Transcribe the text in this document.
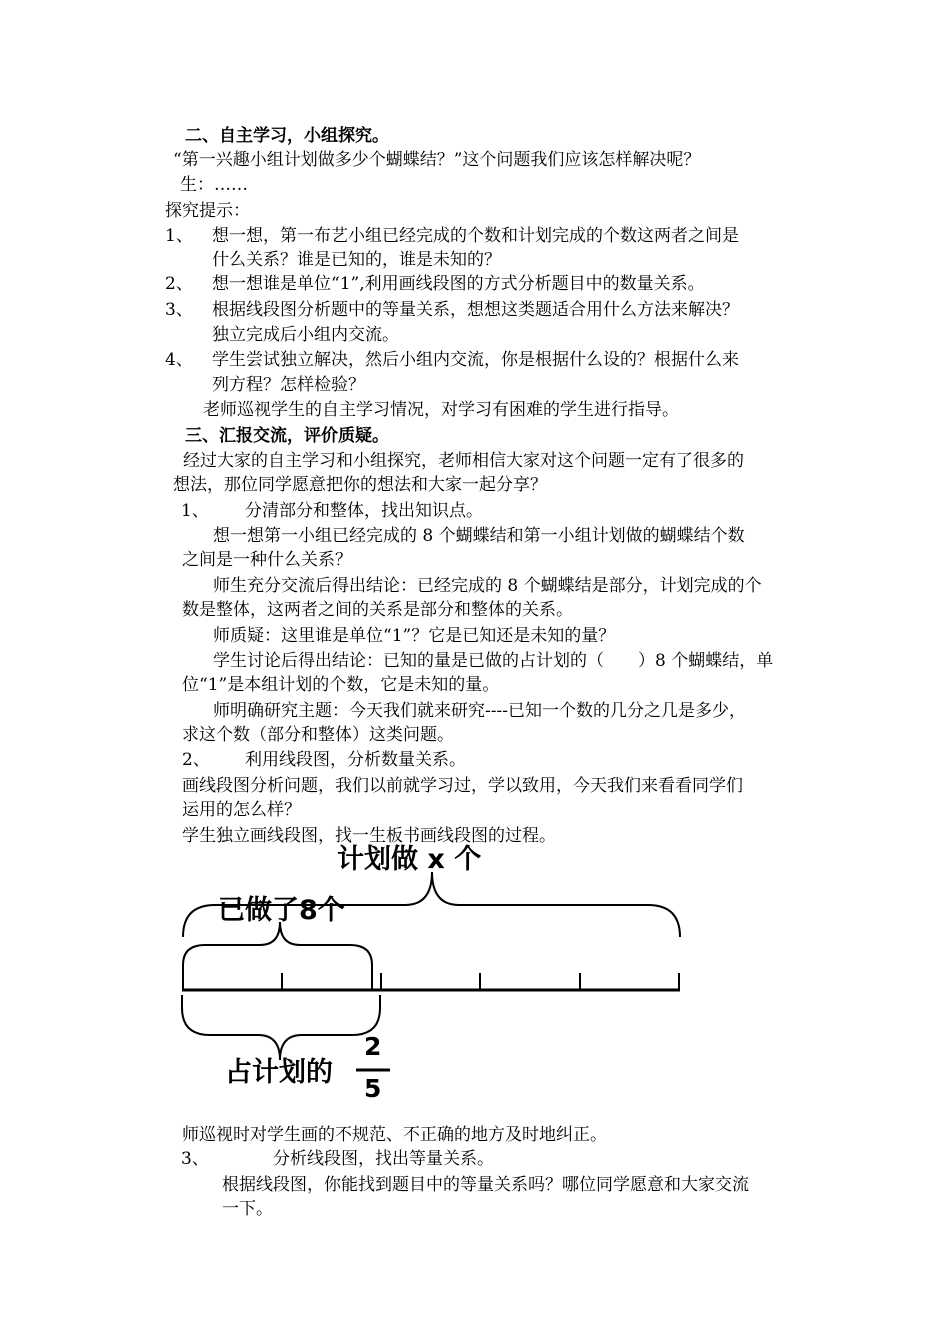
二、自主学习，小组探究。
“第一兴趣小组计划做多少个蝴蝶结？”这个问题我们应该怎样解决呢？
生：……
探究提示：
1、 想一想，第一布艺小组已经完成的个数和计划完成的个数这两者之间是
什么关系？谁是已知的，谁是未知的？
2、 想一想谁是单位“1”,利用画线段图的方式分析题目中的数量关系。
3、 根据线段图分析题中的等量关系，想想这类题适合用什么方法来解决？
独立完成后小组内交流。
4、 学生尝试独立解决，然后小组内交流，你是根据什么设的？根据什么来
列方程？怎样检验？
老师巡视学生的自主学习情况，对学习有困难的学生进行指导。
三、汇报交流，评价质疑。
经过大家的自主学习和小组探究，老师相信大家对这个问题一定有了很多的
想法，那位同学愿意把你的想法和大家一起分享？
1、 分清部分和整体，找出知识点。
想一想第一小组已经完成的 8 个蝴蝶结和第一小组计划做的蝴蝶结个数
之间是一种什么关系？
师生充分交流后得出结论：已经完成的 8 个蝴蝶结是部分，计划完成的个
数是整体，这两者之间的关系是部分和整体的关系。
师质疑：这里谁是单位“1”？它是已知还是未知的量？
学生讨论后得出结论：已知的量是已做的占计划的（　　）8 个蝴蝶结，单
位“1”是本组计划的个数，它是未知的量。
师明确研究主题：今天我们就来研究----已知一个数的几分之几是多少，
求这个数（部分和整体）这类问题。
2、 利用线段图，分析数量关系。
画线段图分析问题，我们以前就学习过，学以致用，今天我们来看看同学们
运用的怎么样？
学生独立画线段图，找一生板书画线段图的过程。
计划做 x 个
已做了8个
占计划的
2
5
师巡视时对学生画的不规范、不正确的地方及时地纠正。
3、	分析线段图，找出等量关系。
根据线段图，你能找到题目中的等量关系吗？哪位同学愿意和大家交流
一下。
